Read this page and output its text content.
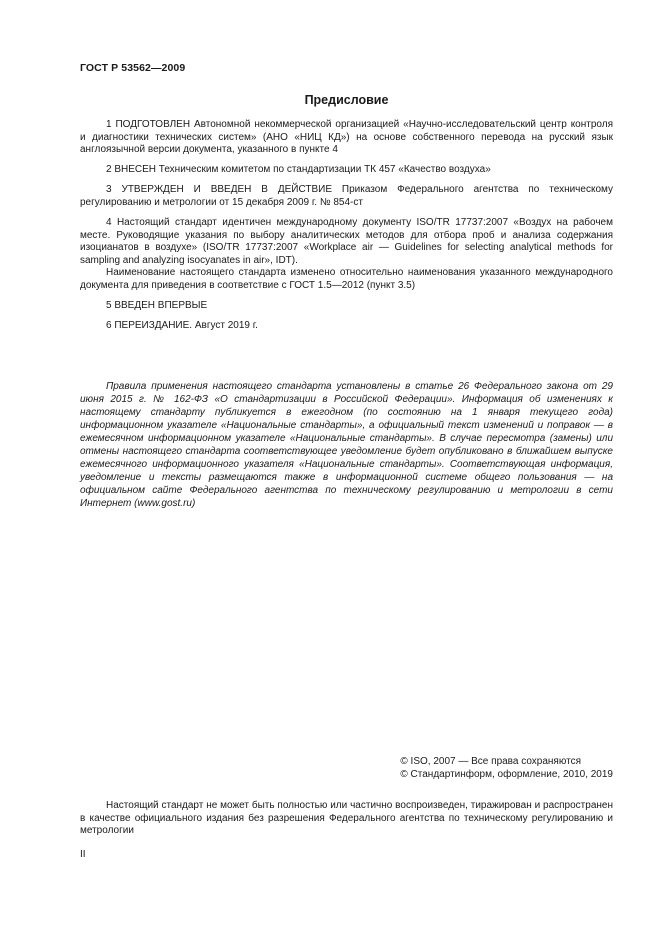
ГОСТ Р 53562—2009
Предисловие

1 ПОДГОТОВЛЕН Автономной некоммерческой организацией «Научно-исследовательский центр контроля и диагностики технических систем» (АНО «НИЦ КД») на основе собственного перевода на русский язык англоязычной версии документа, указанного в пункте 4

2 ВНЕСЕН Техническим комитетом по стандартизации ТК 457 «Качество воздуха»

3 УТВЕРЖДЕН И ВВЕДЕН В ДЕЙСТВИЕ Приказом Федерального агентства по техническому регулированию и метрологии от 15 декабря 2009 г. № 854-ст

4 Настоящий стандарт идентичен международному документу ISO/TR 17737:2007 «Воздух на рабочем месте. Руководящие указания по выбору аналитических методов для отбора проб и анализа содержания изоцианатов в воздухе» (ISO/TR 17737:2007 «Workplace air — Guidelines for selecting analytical methods for sampling and analyzing isocyanates in air», IDT).

Наименование настоящего стандарта изменено относительно наименования указанного международного документа для приведения в соответствие с ГОСТ 1.5—2012 (пункт 3.5)

5 ВВЕДЕН ВПЕРВЫЕ

6 ПЕРЕИЗДАНИЕ. Август 2019 г.

Правила применения настоящего стандарта установлены в статье 26 Федерального закона от 29 июня 2015 г. № 162-ФЗ «О стандартизации в Российской Федерации». Информация об изменениях к настоящему стандарту публикуется в ежегодном (по состоянию на 1 января текущего года) информационном указателе «Национальные стандарты», а официальный текст изменений и поправок — в ежемесячном информационном указателе «Национальные стандарты». В случае пересмотра (замены) или отмены настоящего стандарта соответствующее уведомление будет опубликовано в ближайшем выпуске ежемесячного информационного указателя «Национальные стандарты». Соответствующая информация, уведомление и тексты размещаются также в информационной системе общего пользования — на официальном сайте Федерального агентства по техническому регулированию и метрологии в сети Интернет (www.gost.ru)
© ISO, 2007 — Все права сохраняются
© Стандартинформ, оформление, 2010, 2019
Настоящий стандарт не может быть полностью или частично воспроизведен, тиражирован и распространен в качестве официального издания без разрешения Федерального агентства по техническому регулированию и метрологии
II
